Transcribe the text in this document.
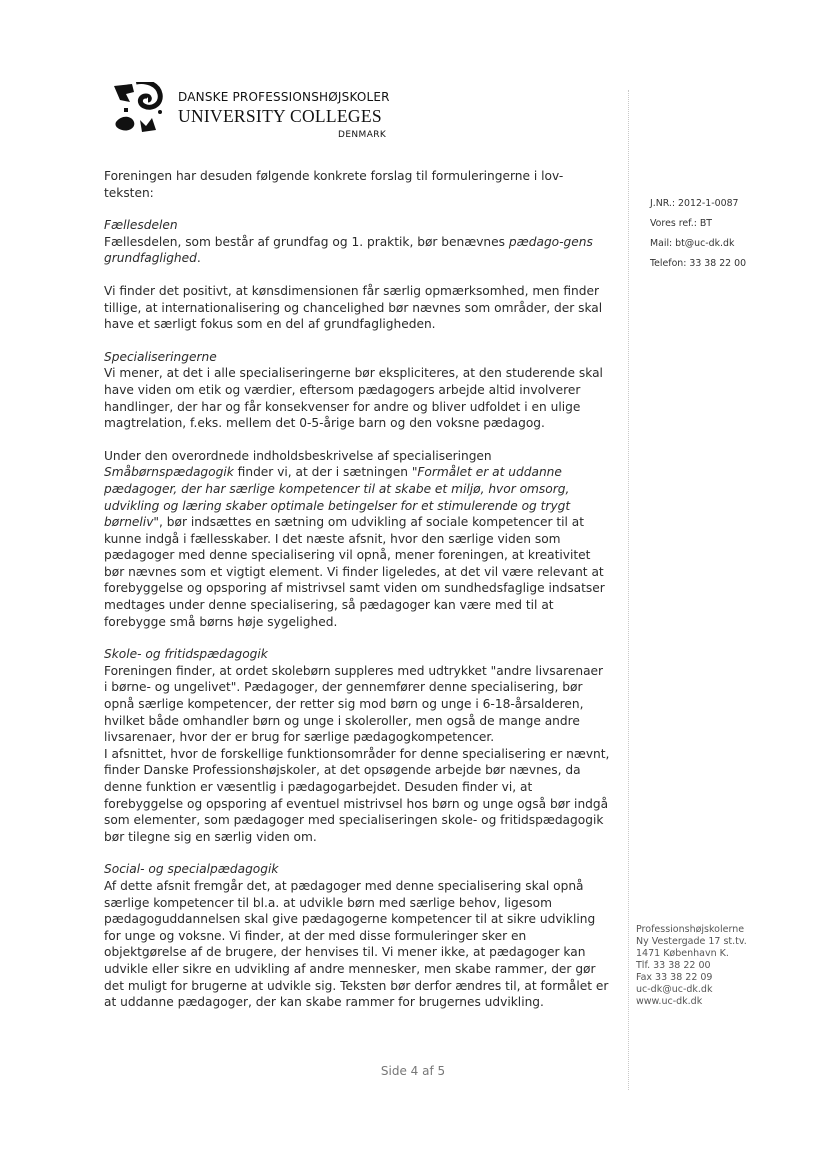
DANSKE PROFESSIONSHØJSKOLER
UNIVERSITY COLLEGES
DENMARK
J.NR.: 2012-1-0087
Vores ref.: BT
Mail: bt@uc-dk.dk
Telefon: 33 38 22 00

Foreningen har desuden følgende konkrete forslag til formuleringerne i lov-teksten:

Fællesdelen

Fællesdelen, som består af grundfag og 1. praktik, bør benævnes pædago-gens grundfaglighed.

Vi finder det positivt, at kønsdimensionen får særlig opmærksomhed, men finder tillige, at internationalisering og chancelighed bør nævnes som områder, der skal have et særligt fokus som en del af grundfagligheden.

Specialiseringerne

Vi mener, at det i alle specialiseringerne bør ekspliciteres, at den studerende skal have viden om etik og værdier, eftersom pædagogers arbejde altid involverer handlinger, der har og får konsekvenser for andre og bliver udfoldet i en ulige magtrelation, f.eks. mellem det 0-5-årige barn og den voksne pædagog.

Under den overordnede indholdsbeskrivelse af specialiseringen Småbørnspædagogik finder vi, at der i sætningen "Formålet er at uddanne pædagoger, der har særlige kompetencer til at skabe et miljø, hvor omsorg, udvikling og læring skaber optimale betingelser for et stimulerende og trygt børneliv", bør indsættes en sætning om udvikling af sociale kompetencer til at kunne indgå i fællesskaber. I det næste afsnit, hvor den særlige viden som pædagoger med denne specialisering vil opnå, mener foreningen, at kreativitet bør nævnes som et vigtigt element. Vi finder ligeledes, at det vil være relevant at forebyggelse og opsporing af mistrivsel samt viden om sundhedsfaglige indsatser medtages under denne specialisering, så pædagoger kan være med til at forebygge små børns høje sygelighed.

Skole- og fritidspædagogik

Foreningen finder, at ordet skolebørn suppleres med udtrykket "andre livsarenaer i børne- og ungelivet". Pædagoger, der gennemfører denne specialisering, bør opnå særlige kompetencer, der retter sig mod børn og unge i 6-18-årsalderen, hvilket både omhandler børn og unge i skoleroller, men også de mange andre livsarenaer, hvor der er brug for særlige pædagogkompetencer.

I afsnittet, hvor de forskellige funktionsområder for denne specialisering er nævnt, finder Danske Professionshøjskoler, at det opsøgende arbejde bør nævnes, da denne funktion er væsentlig i pædagogarbejdet. Desuden finder vi, at forebyggelse og opsporing af eventuel mistrivsel hos børn og unge også bør indgå som elementer, som pædagoger med specialiseringen skole- og fritidspædagogik bør tilegne sig en særlig viden om.

Social- og specialpædagogik

Af dette afsnit fremgår det, at pædagoger med denne specialisering skal opnå særlige kompetencer til bl.a. at udvikle børn med særlige behov, ligesom pædagoguddannelsen skal give pædagogerne kompetencer til at sikre udvikling for unge og voksne. Vi finder, at der med disse formuleringer sker en objektgørelse af de brugere, der henvises til. Vi mener ikke, at pædagoger kan udvikle eller sikre en udvikling af andre mennesker, men skabe rammer, der gør det muligt for brugerne at udvikle sig. Teksten bør derfor ændres til, at formålet er at uddanne pædagoger, der kan skabe rammer for brugernes udvikling.

Professionshøjskolerne
Ny Vestergade 17 st.tv.
1471 København K.
Tlf. 33 38 22 00
Fax 33 38 22 09
uc-dk@uc-dk.dk
www.uc-dk.dk
Side 4 af 5
